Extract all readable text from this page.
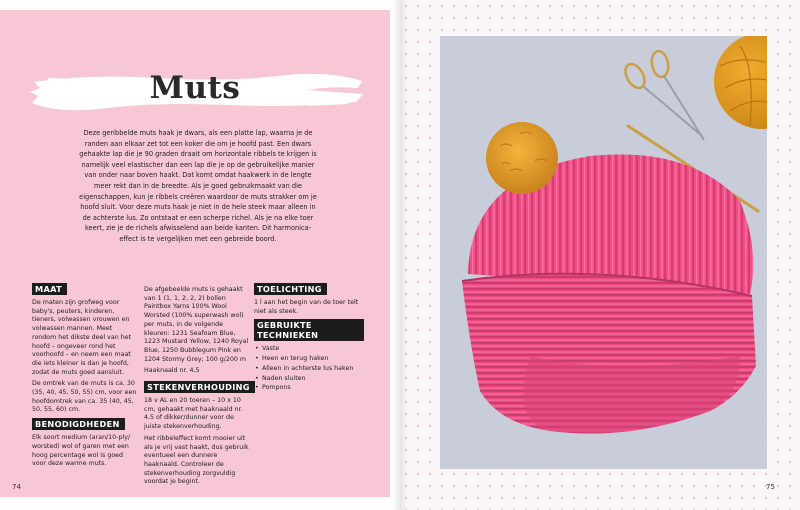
Muts

Deze geribbelde muts haak je dwars, als een platte lap, waarna je de randen aan elkaar zet tot een koker die om je hoofd past. Een dwars gehaakte lap die je 90 graden draait om horizontale ribbels te krijgen is namelijk veel elastischer dan een lap die je op de gebruikelijke manier van onder naar boven haakt. Dat komt omdat haakwerk in de lengte meer rekt dan in de breedte. Als je goed gebruikmaakt van die eigenschappen, kun je ribbels creëren waardoor de muts strakker om je hoofd sluit. Voor deze muts haak je niet in de hele steek maar alleen in de achterste lus. Zo ontstaat er een scherpe richel. Als je na elke toer keert, zie je de richels afwisselend aan beide kanten. Dit harmonica-effect is te vergelijken met een gebreide boord.

MAAT

De maten zijn grofweg voor baby's, peuters, kinderen, tieners, volwassen vrouwen en volwassen mannen. Meet rondom het dikste deel van het hoofd – ongeveer rond het voorhoofd – en neem een maat die iets kleiner is dan je hoofd, zodat de muts goed aansluit.

De omtrek van de muts is ca. 30 (35, 40, 45, 50, 55) cm, voor een hoofdomtrek van ca. 35 (40, 45, 50, 55, 60) cm.

BENODIGDHEDEN

Elk soort medium (aran/10-ply/ worsted) wol of garen met een hoog percentage wol is goed voor deze warme muts.

De afgebeelde muts is gehaakt van 1 (1, 1, 2, 2, 2) bollen Paintbox Yarns 100% Wool Worsted (100% superwash wol) per muts, in de volgende kleuren: 1231 Seafoam Blue, 1223 Mustard Yellow, 1240 Royal Blue, 1250 Bubblegum Pink en 1204 Stormy Grey; 100 g/200 m

Haaknaald nr. 4,5

STEKENVERHOUDING

18 v AL en 20 toeren – 10 x 10 cm, gehaakt met haaknaald nr. 4,5 of dikker/dunner voor de juiste stekenverhouding.

Het ribbeleffect komt mooier uit als je vrij vast haakt, dus gebruik eventueel een dunnere haaknaald. Controleer de stekenverhouding zorgvuldig voordat je begint.

TOELICHTING

1 l aan het begin van de toer telt niet als steek.

GEBRUIKTE TECHNIEKEN
• Vaste
• Heen en terug haken
• Alleen in achterste lus haken
• Naden sluiten
• Pompons
74	75
